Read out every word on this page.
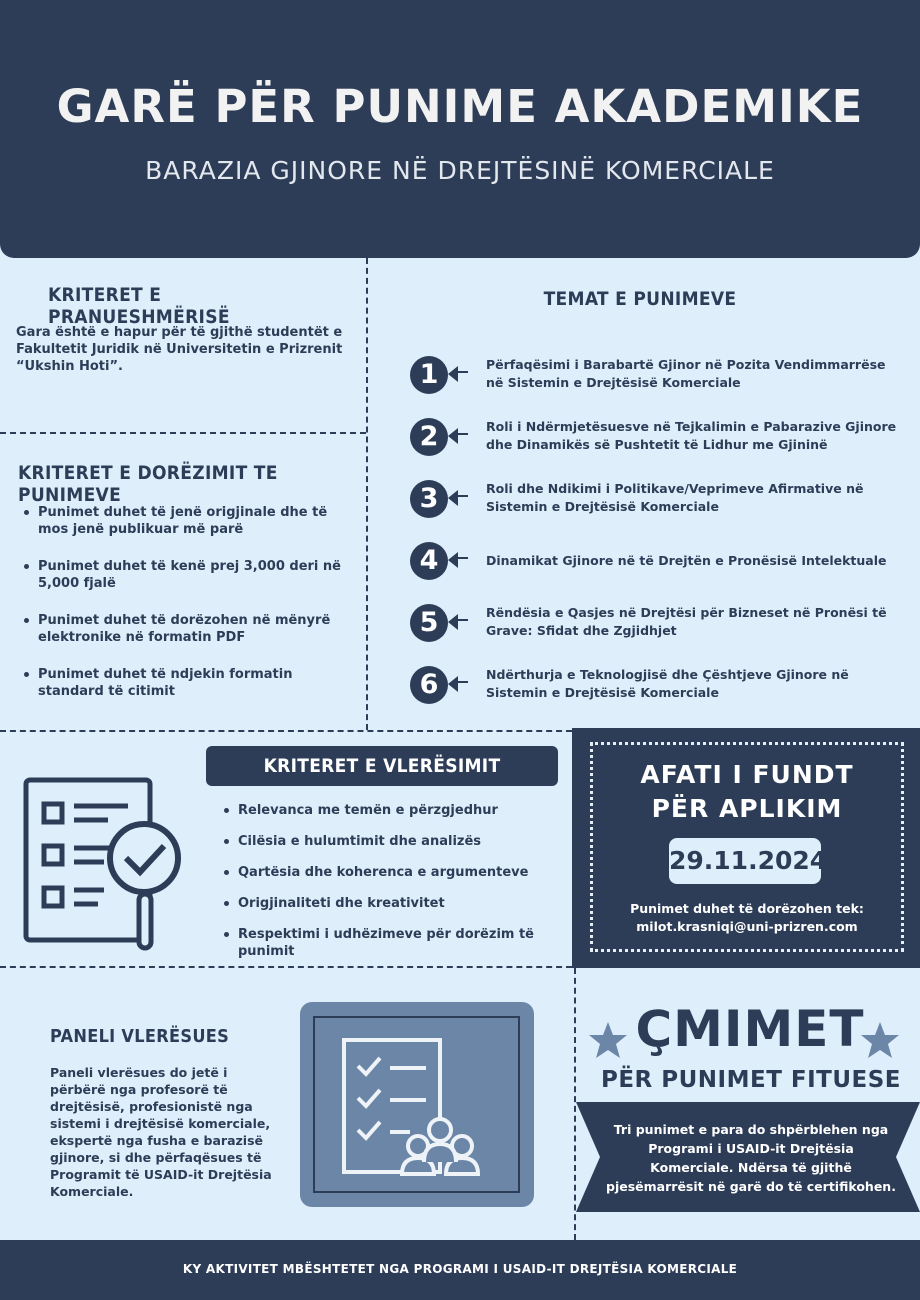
GARË PËR PUNIME AKADEMIKE
BARAZIA GJINORE NË DREJTËSINË KOMERCIALE
KRITERET E PRANUESHMËRISË
Gara është e hapur për të gjithë studentët e Fakultetit Juridik në Universitetin e Prizrenit “Ukshin Hoti”.
KRITERET E DORËZIMIT TE PUNIMEVE
Punimet duhet të jenë origjinale dhe të mos jenë publikuar më parë
Punimet duhet të kenë prej 3,000 deri në 5,000 fjalë
Punimet duhet të dorëzohen në mënyrë elektronike në formatin PDF
Punimet duhet të ndjekin formatin standard të citimit
TEMAT E PUNIMEVE
1	Përfaqësimi i Barabartë Gjinor në Pozita Vendimmarrëse në Sistemin e Drejtësisë Komerciale
2	Roli i Ndërmjetësuesve në Tejkalimin e Pabarazive Gjinore dhe Dinamikës së Pushtetit të Lidhur me Gjininë
3	Roli dhe Ndikimi i Politikave/Veprimeve Afirmative në Sistemin e Drejtësisë Komerciale
4	Dinamikat Gjinore në të Drejtën e Pronësisë Intelektuale
5	Rëndësia e Qasjes në Drejtësi për Bizneset në Pronësi të Grave: Sfidat dhe Zgjidhjet
6	Ndërthurja e Teknologjisë dhe Çështjeve Gjinore në Sistemin e Drejtësisë Komerciale
KRITERET E VLERËSIMIT
Relevanca me temën e përzgjedhur
Cilësia e hulumtimit dhe analizës
Qartësia dhe koherenca e argumenteve
Origjinaliteti dhe kreativitet
Respektimi i udhëzimeve për dorëzim të punimit
AFATI I FUNDT
PËR APLIKIM
29.11.2024
Punimet duhet të dorëzohen tek:
milot.krasniqi@uni-prizren.com
PANELI VLERËSUES
Paneli vlerësues do jetë i përbërë nga profesorë të drejtësisë, profesionistë nga sistemi i drejtësisë komerciale, ekspertë nga fusha e barazisë gjinore, si dhe përfaqësues të Programit të USAID-it Drejtësia Komerciale.
ÇMIMET
PËR PUNIMET FITUESE
Tri punimet e para do shpërblehen nga Programi i USAID-it Drejtësia Komerciale. Ndërsa të gjithë pjesëmarrësit në garë do të certifikohen.
KY AKTIVITET MBËSHTETET NGA PROGRAMI I USAID-IT DREJTËSIA KOMERCIALE
